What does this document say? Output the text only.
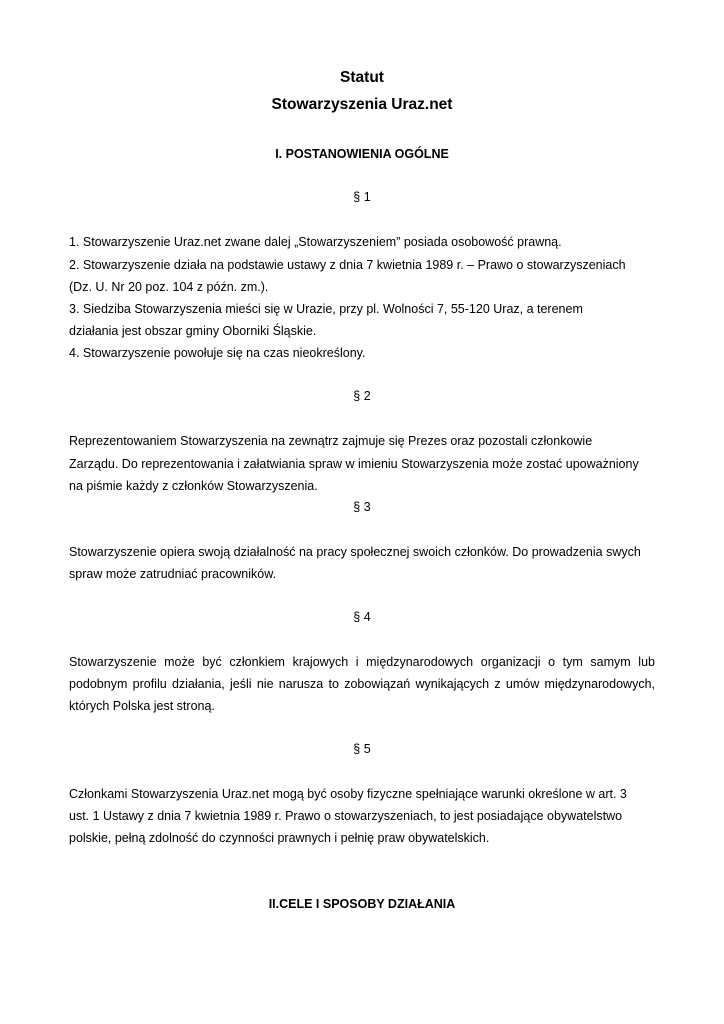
Statut
Stowarzyszenia Uraz.net
I. POSTANOWIENIA OGÓLNE
§ 1
1. Stowarzyszenie Uraz.net zwane dalej „Stowarzyszeniem” posiada osobowość prawną.
2. Stowarzyszenie działa na podstawie ustawy z dnia 7 kwietnia 1989 r. – Prawo o stowarzyszeniach
(Dz. U. Nr 20 poz. 104 z późn. zm.).
3. Siedziba Stowarzyszenia mieści się w Urazie, przy pl. Wolności 7, 55-120 Uraz, a terenem
działania jest obszar gminy Oborniki Śląskie.
4. Stowarzyszenie powołuje się na czas nieokreślony.
§ 2
Reprezentowaniem Stowarzyszenia na zewnątrz zajmuje się Prezes oraz pozostali członkowie
Zarządu. Do reprezentowania i załatwiania spraw w imieniu Stowarzyszenia może zostać upoważniony
na piśmie każdy z członków Stowarzyszenia.
§ 3
Stowarzyszenie opiera swoją działalność na pracy społecznej swoich członków. Do prowadzenia swych
spraw może zatrudniać pracowników.
§ 4
Stowarzyszenie może być członkiem krajowych i międzynarodowych organizacji o tym samym lub
podobnym profilu działania, jeśli nie narusza to zobowiązań wynikających z umów międzynarodowych,
których Polska jest stroną.
§ 5
Członkami Stowarzyszenia Uraz.net mogą być osoby fizyczne spełniające warunki określone w art. 3
ust. 1 Ustawy z dnia 7 kwietnia 1989 r. Prawo o stowarzyszeniach, to jest posiadające obywatelstwo
polskie, pełną zdolność do czynności prawnych i pełnię praw obywatelskich.
II.CELE I SPOSOBY DZIAŁANIA
